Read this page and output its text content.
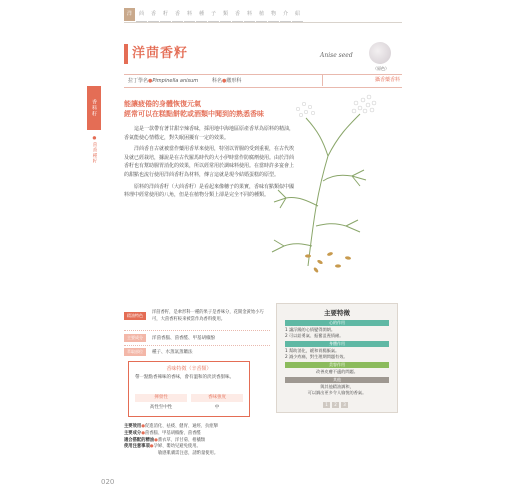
洋	茴	香	籽	香	料	種	子	類	香	料	植	物	介	紹
洋茴香籽	Anise seed
（原色）
拉丁學名●Pimpinella anisum	科名●繖形科	攝香藥香料
香料籽
●茴香種籽
能讓疲倦的身體恢復元氣
經常可以在糕點餅乾或酒類中聞到的熟悉香味

這是一款帶有著甘甜辛辣香味，採用地中海地區原產香草為原料的精油，香氣能使心情穩定，對失眠困擾有一定的效果。

洋茴香自古就被當作藥用香草來使用，特別以胃腸的受到重視，在古代埃及就已經栽培，據說是在古代羅馬時代的大小伊時當作防腐劑使用。由於洋茴香籽也有幫助腸胃消化的效果，所以經常用於調味料使用。在當時許多宴會上的甜點也流行使用洋茴香籽為材料，傳言這就是現今結婚蛋糕的原型。

原料的洋茴香籽（大茴香籽）是看起來像穗子的果實，香味有點類似中國料理中經常使用的八角，但是在植物分類上卻是完全不同的種類。

精油特色
洋茴香籽，是傘形科一種的果子是香味分，花開金黃始小巧可，大茴香籽較來被當作為香料使用。
主要成分 洋茴香腦、茴香醛、甲基胡椒酚
萃取部位 種子、水蒸氣蒸餾法
香味特徵（辛香類）
帶一點點香辣味的香味，會有溫和的淡淡香甜味。
揮發性	香味強度
高性至中性	中
主要效用●促進消化、祛痰、健胃、通經、抗痙攣
主要成分●茴香腦、甲基胡椒酚、茴香醛
適合搭配的精油●薰衣草、洋甘菊、柑橘類
使用注意事項●孕婦、嬰幼兒避免使用。
敏感肌膚需注意，請酌量使用。
主要特徵
心的作用
1 讓浮躁的心情變得開朗。
2 可以給勇氣、振奮沮喪情緒。
身體作用
1 幫助消化，緩和胃腸脹氣。
2 減少疼痛，對生理期問題有效。
美容作用
改善皮膚不適的問題。
其他
與其他精油調和，
可以調出更多令人愉悅的香氣。
1	2	3
020
